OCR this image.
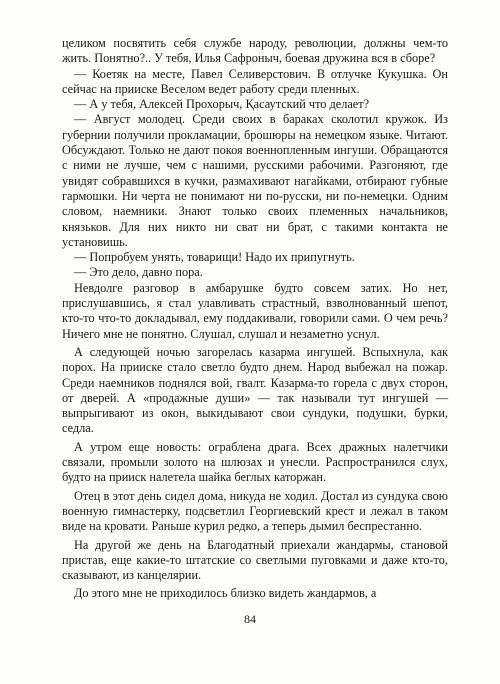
целиком посвятить себя службе народу, революции, должны чем-то жить. Понятно?.. У тебя, Илья Сафроныч, боевая дружина вся в сборе?

— Коетяк на месте, Павел Селиверстович. В отлучке Кукушка. Он сейчас на прииске Веселом ведет работу среди пленных.

— А у тебя, Алексей Прохорыч, Қасаутский что делает?

— Август молодец. Среди своих в бараках сколотил кружок. Из губернии получили прокламации, брошюры на немецком языке. Читают. Обсуждают. Только не дают покоя военнопленным ингуши. Обращаются с ними не лучше, чем с нашими, русскими рабочими. Разгоняют, где увидят собравшихся в кучки, размахивают нагайками, отбирают губные гармошки. Ни черта не понимают ни по-русски, ни по-немецки. Одним словом, наемники. Знают только своих племенных начальников, князьков. Для них никто ни сват ни брат, с такими контакта не установишь.

— Попробуем унять, товарищи! Надо их припугнуть.

— Это дело, давно пора.

Невдолге разговор в амбарушке будто совсем затих. Но нет, прислушавшись, я стал улавливать страстный, взволнованный шепот, кто-то что-то докладывал, ему поддакивали, говорили сами. О чем речь? Ничего мне не понятно. Слушал, слушал и незаметно уснул.

А следующей ночью загорелась казарма ингушей. Вспыхнула, как порох. На прииске стало светло будто днем. Народ выбежал на пожар. Среди наемников поднялся вой, гвалт. Казарма-то горела с двух сторон, от дверей. А «продажные души» — так называли тут ингушей — выпрыгивают из окон, выкидывают свои сундуки, подушки, бурки, седла.

А утром еще новость: ограблена драга. Всех дражных налетчики связали, промыли золото на шлюзах и унесли. Распространился слух, будто на прииск налетела шайка беглых каторжан.

Отец в этот день сидел дома, никуда не ходил. Достал из сундука свою военную гимнастерку, подсветлил Георгиевский крест и лежал в таком виде на кровати. Раньше курил редко, а теперь дымил беспрестанно.

На другой же день на Благодатный приехали жандармы, становой пристав, еще какие-то штатские со светлыми пуговками и даже кто-то, сказывают, из канцелярии.

До этого мне не приходилось близко видеть жандармов, а

84
